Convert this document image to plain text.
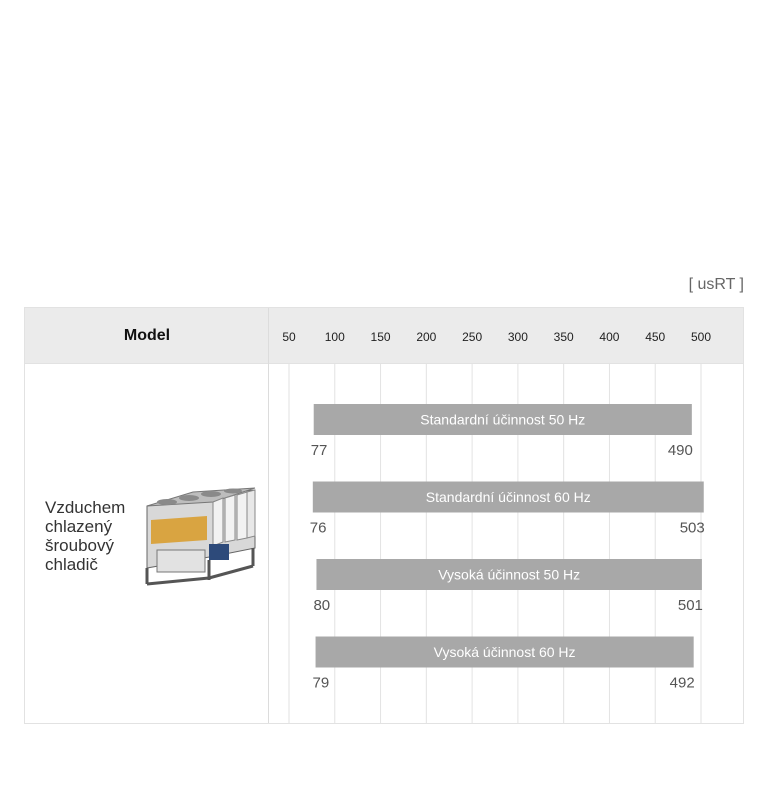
[ usRT ]
Model
Vzduchem chlazený šroubový chladič
50 100 150 200 250 300 350 400 450 500
Standardní účinnost 50 Hz
77	490
Standardní účinnost 60 Hz
76	503
Vysoká účinnost 50 Hz
80	501
Vysoká účinnost 60 Hz
79	492
